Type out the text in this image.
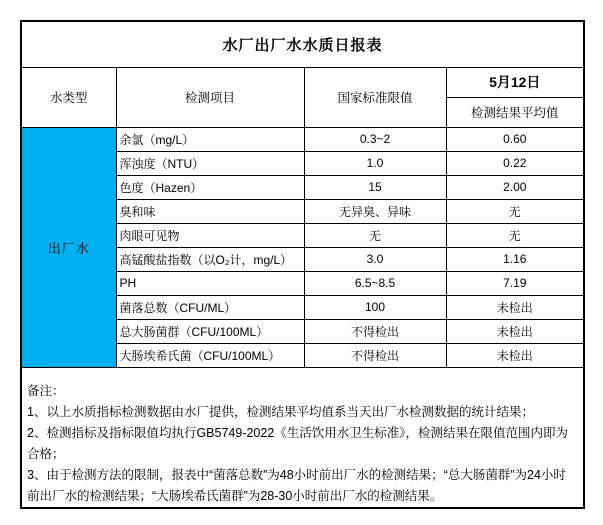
水厂出厂水水质日报表			
水类型	检测项目	国家标准限值	5月12日
			检测结果平均值
出厂水	余氯（mg/L）	0.3~2	0.60
	浑浊度（NTU）	1.0	0.22
	色度（Hazen）	15	2.00
	臭和味	无异臭、异味	无
	肉眼可见物	无	无
	高锰酸盐指数（以O₂计，mg/L）	3.0	1.16
	PH	6.5~8.5	7.19
	菌落总数（CFU/ML）	100	未检出
	总大肠菌群（CFU/100ML）	不得检出	未检出
	大肠埃希氏菌（CFU/100ML）	不得检出	未检出

备注：
1、以上水质指标检测数据由水厂提供，检测结果平均值系当天出厂水检测数据的统计结果；
2、检测指标及指标限值均执行GB5749-2022《生活饮用水卫生标准》，检测结果在限值范围内即为合格；
3、由于检测方法的限制，报表中“菌落总数”为48小时前出厂水的检测结果；“总大肠菌群”为24小时前出厂水的检测结果；“大肠埃希氏菌群”为28-30小时前出厂水的检测结果。			
